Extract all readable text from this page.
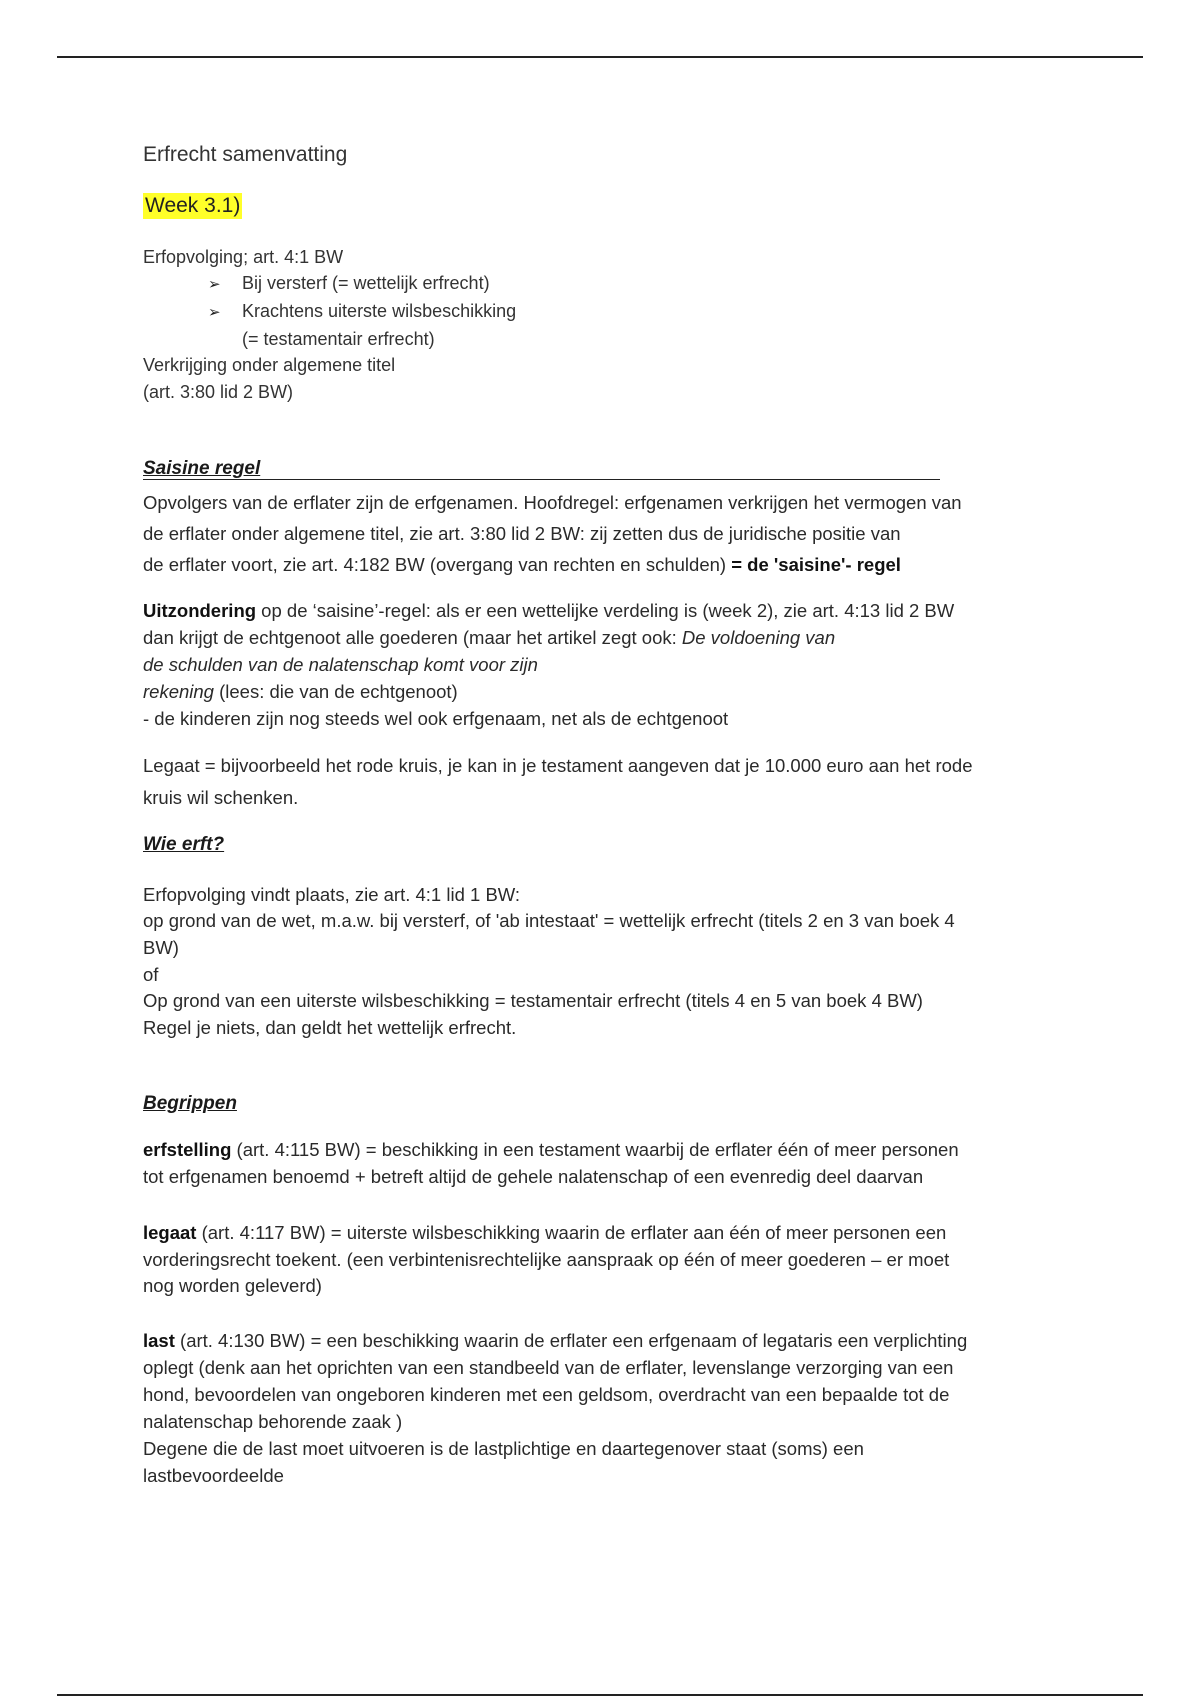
Erfrecht samenvatting
Week 3.1)
Erfopvolging; art. 4:1 BW
➢	Bij versterf (= wettelijk erfrecht)
➢	Krachtens uiterste wilsbeschikking
(= testamentair erfrecht)
Verkrijging onder algemene titel
(art. 3:80 lid 2 BW)
Saisine regel
Opvolgers van de erflater zijn de erfgenamen. Hoofdregel: erfgenamen verkrijgen het vermogen van
de erflater onder algemene titel, zie art. 3:80 lid 2 BW: zij zetten dus de juridische positie van
de erflater voort, zie art. 4:182 BW (overgang van rechten en schulden) = de 'saisine'- regel
Uitzondering op de ‘saisine’-regel: als er een wettelijke verdeling is (week 2), zie art. 4:13 lid 2 BW
dan krijgt de echtgenoot alle goederen (maar het artikel zegt ook: De voldoening van
de schulden van de nalatenschap komt voor zijn
rekening (lees: die van de echtgenoot)
- de kinderen zijn nog steeds wel ook erfgenaam, net als de echtgenoot
Legaat = bijvoorbeeld het rode kruis, je kan in je testament aangeven dat je 10.000 euro aan het rode
kruis wil schenken.
Wie erft?
Erfopvolging vindt plaats, zie art. 4:1 lid 1 BW:
op grond van de wet, m.a.w. bij versterf, of 'ab intestaat' = wettelijk erfrecht (titels 2 en 3 van boek 4
BW)
of
Op grond van een uiterste wilsbeschikking = testamentair erfrecht (titels 4 en 5 van boek 4 BW)
Regel je niets, dan geldt het wettelijk erfrecht.
Begrippen
erfstelling (art. 4:115 BW) = beschikking in een testament waarbij de erflater één of meer personen
tot erfgenamen benoemd + betreft altijd de gehele nalatenschap of een evenredig deel daarvan
legaat (art. 4:117 BW) = uiterste wilsbeschikking waarin de erflater aan één of meer personen een
vorderingsrecht toekent. (een verbintenisrechtelijke aanspraak op één of meer goederen – er moet
nog worden geleverd)
last (art. 4:130 BW) = een beschikking waarin de erflater een erfgenaam of legataris een verplichting
oplegt (denk aan het oprichten van een standbeeld van de erflater, levenslange verzorging van een
hond, bevoordelen van ongeboren kinderen met een geldsom, overdracht van een bepaalde tot de
nalatenschap behorende zaak )
Degene die de last moet uitvoeren is de lastplichtige en daartegenover staat (soms) een
lastbevoordeelde
